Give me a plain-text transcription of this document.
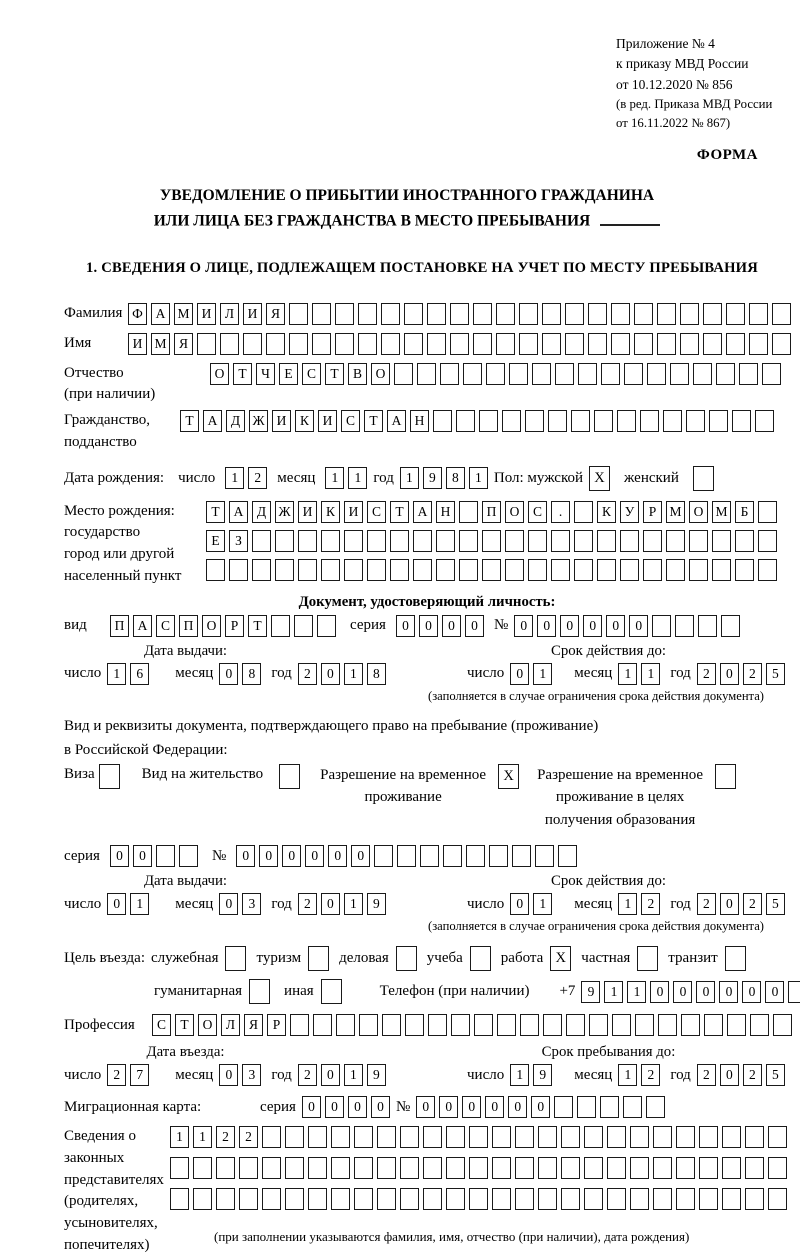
Приложение № 4
к приказу МВД России
от 10.12.2020 № 856
(в ред. Приказа МВД России
от 16.11.2022 № 867)
ФОРМА
УВЕДОМЛЕНИЕ О ПРИБЫТИИ ИНОСТРАННОГО ГРАЖДАНИНА
ИЛИ ЛИЦА БЕЗ ГРАЖДАНСТВА В МЕСТО ПРЕБЫВАНИЯ
1. СВЕДЕНИЯ О ЛИЦЕ, ПОДЛЕЖАЩЕМ ПОСТАНОВКЕ НА УЧЕТ ПО МЕСТУ ПРЕБЫВАНИЯ
Фамилия Ф А М И	Л	И	Я
Имя	И М Я
Отчество
(при наличии)
О	Т	Ч	Е	С	Т	В	О
Гражданство,
подданство
Т	А	Д Ж И	К	И	С	Т	А Н
Дата рождения: число	1	2	месяц	1	1 год 1	9	8	1 Пол: мужской X	женский
Место рождения:
государство
город или другой
населенный пункт
Т	А	Д Ж И	К	И	С	Т	А Н	П О	С	.	К	У	Р М О М Б
Е	З
Документ, удостоверяющий личность:
вид	П А	С	П О	Р	Т	серия	0	0	0	0	№ 0	0	0	0	0	0
Дата выдачи:
число 1	6	месяц 0	8	год 2	0	1	8
Срок действия до:
число 0	1	месяц 1	1	год 2	0	2	5
(заполняется в случае ограничения срока действия документа)
Вид и реквизиты документа, подтверждающего право на пребывание (проживание)
в Российской Федерации:
Виза	Вид на жительство	Разрешение на временное
проживание
X	Разрешение на временное
проживание в целях
получения образования
серия	0	0	№	0	0	0	0	0	0
Дата выдачи:
число 0	1	месяц 0	3	год 2	0	1	9
Срок действия до:
число 0	1	месяц 1	2	год 2	0	2	5
(заполняется в случае ограничения срока действия документа)
Цель въезда: служебная	туризм	деловая	учеба	работа X	частная	транзит
гуманитарная	иная	Телефон (при наличии) +7 9	1	1	0	0	0	0	0	0
Профессия	С	Т	О	Л	Я	Р
Дата въезда:
число 2	7	месяц 0	3	год 2	0	1	9
Срок пребывания до:
число 1	9	месяц 1	2	год 2	0	2	5
Миграционная карта:	серия 0	0	0	0 № 0	0	0	0	0	0
Сведения о
законных
представителях
(родителях,
усыновителях,
попечителях)
1	1	2	2
(при заполнении указываются фамилия, имя, отчество (при наличии), дата рождения)
